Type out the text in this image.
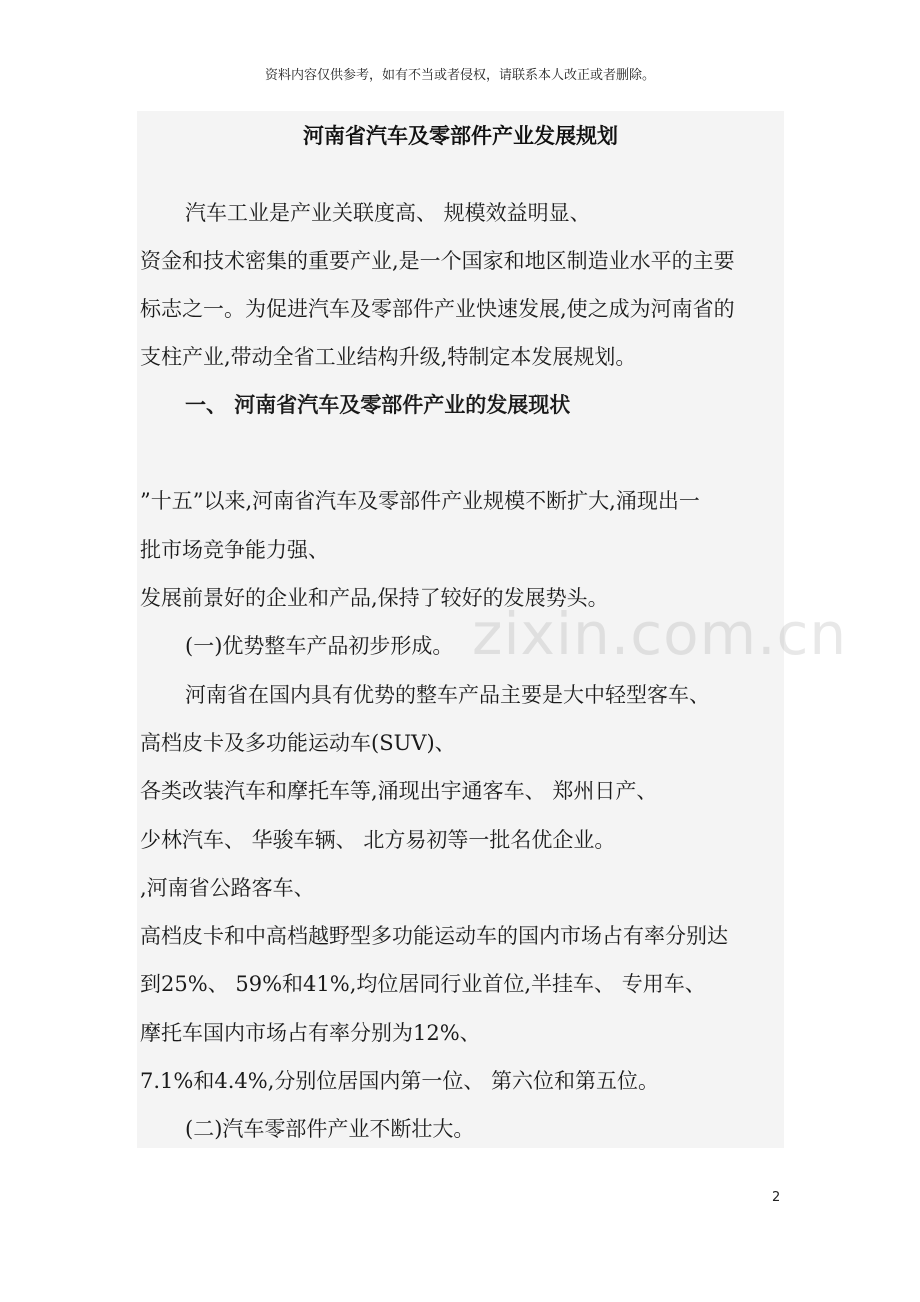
资料内容仅供参考，如有不当或者侵权，请联系本人改正或者删除。
河南省汽车及零部件产业发展规划
汽车工业是产业关联度高、 规模效益明显、
资金和技术密集的重要产业,是一个国家和地区制造业水平的主要
标志之一。为促进汽车及零部件产业快速发展,使之成为河南省的
支柱产业,带动全省工业结构升级,特制定本发展规划。
一、 河南省汽车及零部件产业的发展现状
”十五”以来,河南省汽车及零部件产业规模不断扩大,涌现出一
批市场竞争能力强、
发展前景好的企业和产品,保持了较好的发展势头。
(一)优势整车产品初步形成。
河南省在国内具有优势的整车产品主要是大中轻型客车、
高档皮卡及多功能运动车(SUV)、
各类改装汽车和摩托车等,涌现出宇通客车、 郑州日产、
少林汽车、 华骏车辆、 北方易初等一批名优企业。
,河南省公路客车、
高档皮卡和中高档越野型多功能运动车的国内市场占有率分别达
到25%、 59%和41%,均位居同行业首位,半挂车、 专用车、
摩托车国内市场占有率分别为12%、
7.1%和4.4%,分别位居国内第一位、 第六位和第五位。
(二)汽车零部件产业不断壮大。
zixin.com.cn
2
